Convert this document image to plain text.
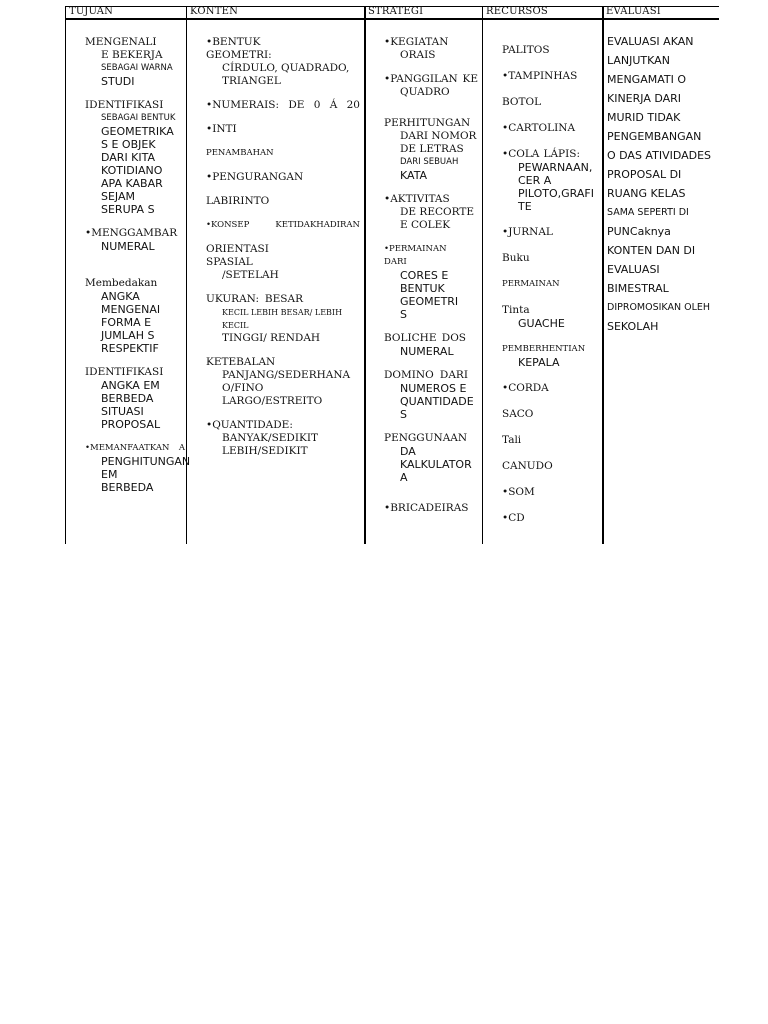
TUJUAN
MENGENALI
E BEKERJA
SEBAGAI WARNA
STUDI
IDENTIFIKASI
SEBAGAI BENTUK
GEOMETRIKA S E OBJEK DARI KITA KOTIDIANO APA KABAR SEJAM SERUPA S
•MENGGAMBAR
NUMERAL
Membedakan
ANGKA MENGENAI FORMA E JUMLAH S RESPEKTIF
IDENTIFIKASI
ANGKA EM BERBEDA SITUASI PROPOSAL
•MEMANFAATKAN A
PENGHITUNGAN EM BERBEDA
KONTEN
•BENTUK GEOMETRI:
CÍRDULO, QUADRADO, TRIANGEL
•NUMERAIS: DE 0 Á 20
•INTI
PENAMBAHAN
•PENGURANGAN
LABIRINTO
•KONSEP KETIDAKHADIRAN
ORIENTASI SPASIAL
/SETELAH
UKURAN: BESAR
KECIL LEBIH BESAR/ LEBIH KECIL
TINGGI/ RENDAH
KETEBALAN
PANJANG/SEDERHANA O/FINO LARGO/ESTREITO
•QUANTIDADE:
BANYAK/SEDIKIT LEBIH/SEDIKIT
STRATEGI
•KEGIATAN
ORAIS
•PANGGILAN KE
QUADRO
PERHITUNGAN
DARI NOMOR DE LETRAS
DARI SEBUAH
KATA
•AKTIVITAS
DE RECORTE E COLEK
•PERMAINAN DARI
CORES E BENTUK GEOMETRI S
BOLICHE DOS
NUMERAL
DOMINO DARI
NUMEROS E QUANTIDADE S
PENGGUNAAN
DA KALKULATOR A
•BRICADEIRAS
RECURSOS
PALITOS
•TAMPINHAS
BOTOL
•CARTOLINA
•COLA LÁPIS:
PEWARNAAN, CER A PILOTO,GRAFI TE
•JURNAL
Buku
PERMAINAN
Tinta
GUACHE
PEMBERHENTIAN
KEPALA
•CORDA
SACO
Tali
CANUDO
•SOM
•CD
EVALUASI
EVALUASI AKAN
LANJUTKAN
MENGAMATI O
KINERJA DARI
MURID TIDAK
PENGEMBANGAN
O DAS ATIVIDADES
PROPOSAL DI
RUANG KELAS
SAMA SEPERTI DI
PUNCaknya
KONTEN DAN DI
EVALUASI
BIMESTRAL
DIPROMOSIKAN OLEH
SEKOLAH
